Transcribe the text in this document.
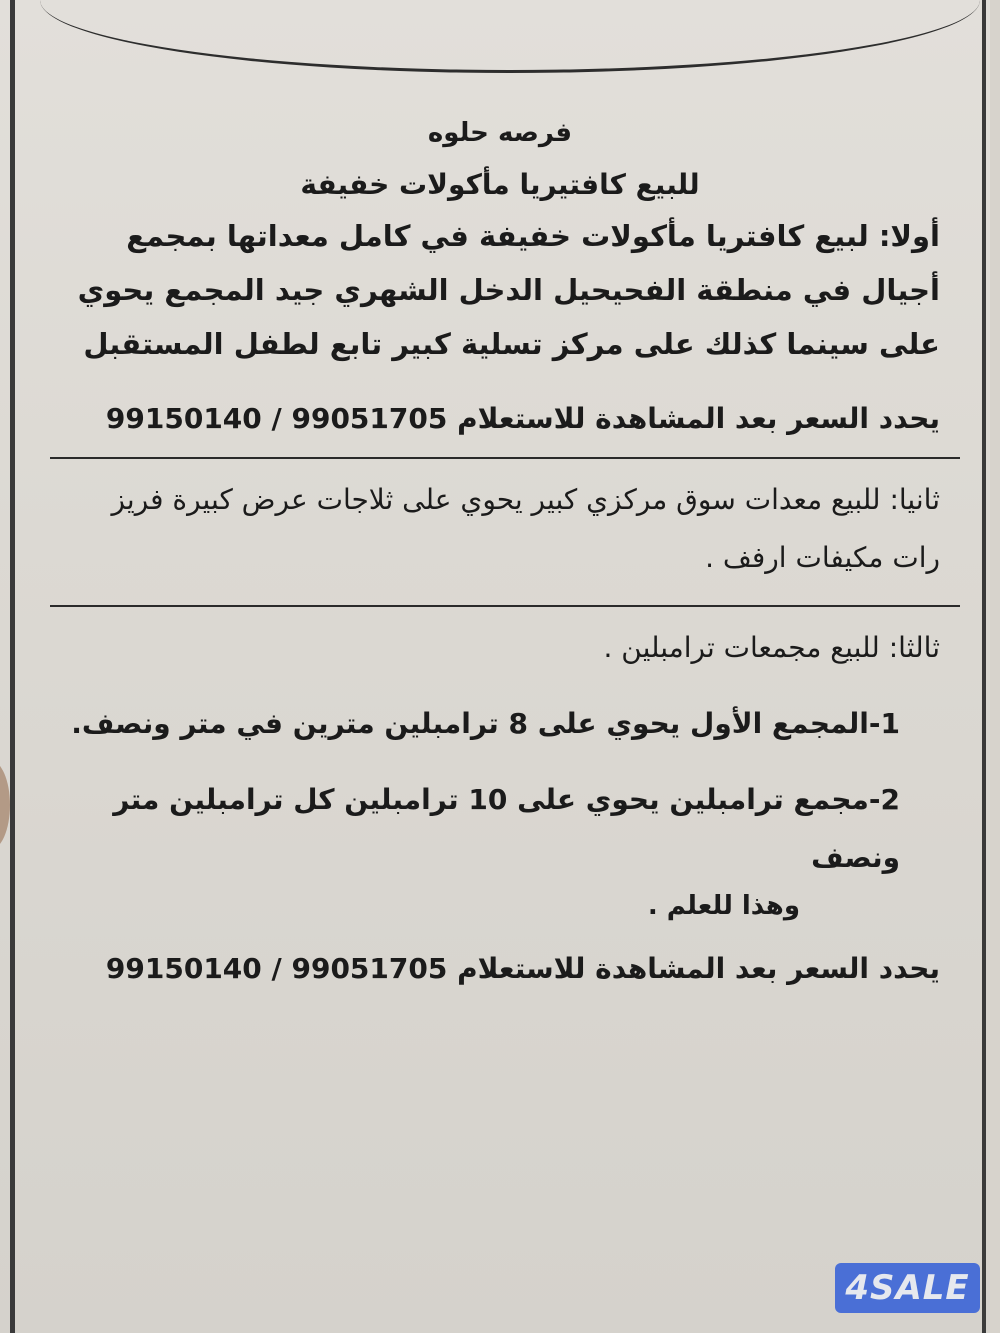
فرصه حلوه
للبيع كافتيريا مأكولات خفيفة
أولا: لبيع كافتريا مأكولات خفيفة في كامل معداتها بمجمع أجيال في منطقة الفحيحيل الدخل الشهري جيد المجمع يحوي على سينما كذلك على مركز تسلية كبير تابع لطفل المستقبل
يحدد السعر بعد المشاهدة للاستعلام 99150140 / 99051705
ثانيا: للبيع معدات سوق مركزي كبير يحوي على ثلاجات عرض كبيرة فريز رات مكيفات ارفف .
ثالثا: للبيع مجمعات ترامبلين .
1-المجمع الأول يحوي على 8 ترامبلين مترين في متر ونصف.
2-مجمع ترامبلين يحوي على 10 ترامبلين كل ترامبلين متر ونصف
وهذا للعلم .
يحدد السعر بعد المشاهدة للاستعلام 99150140 / 99051705
4SALE
